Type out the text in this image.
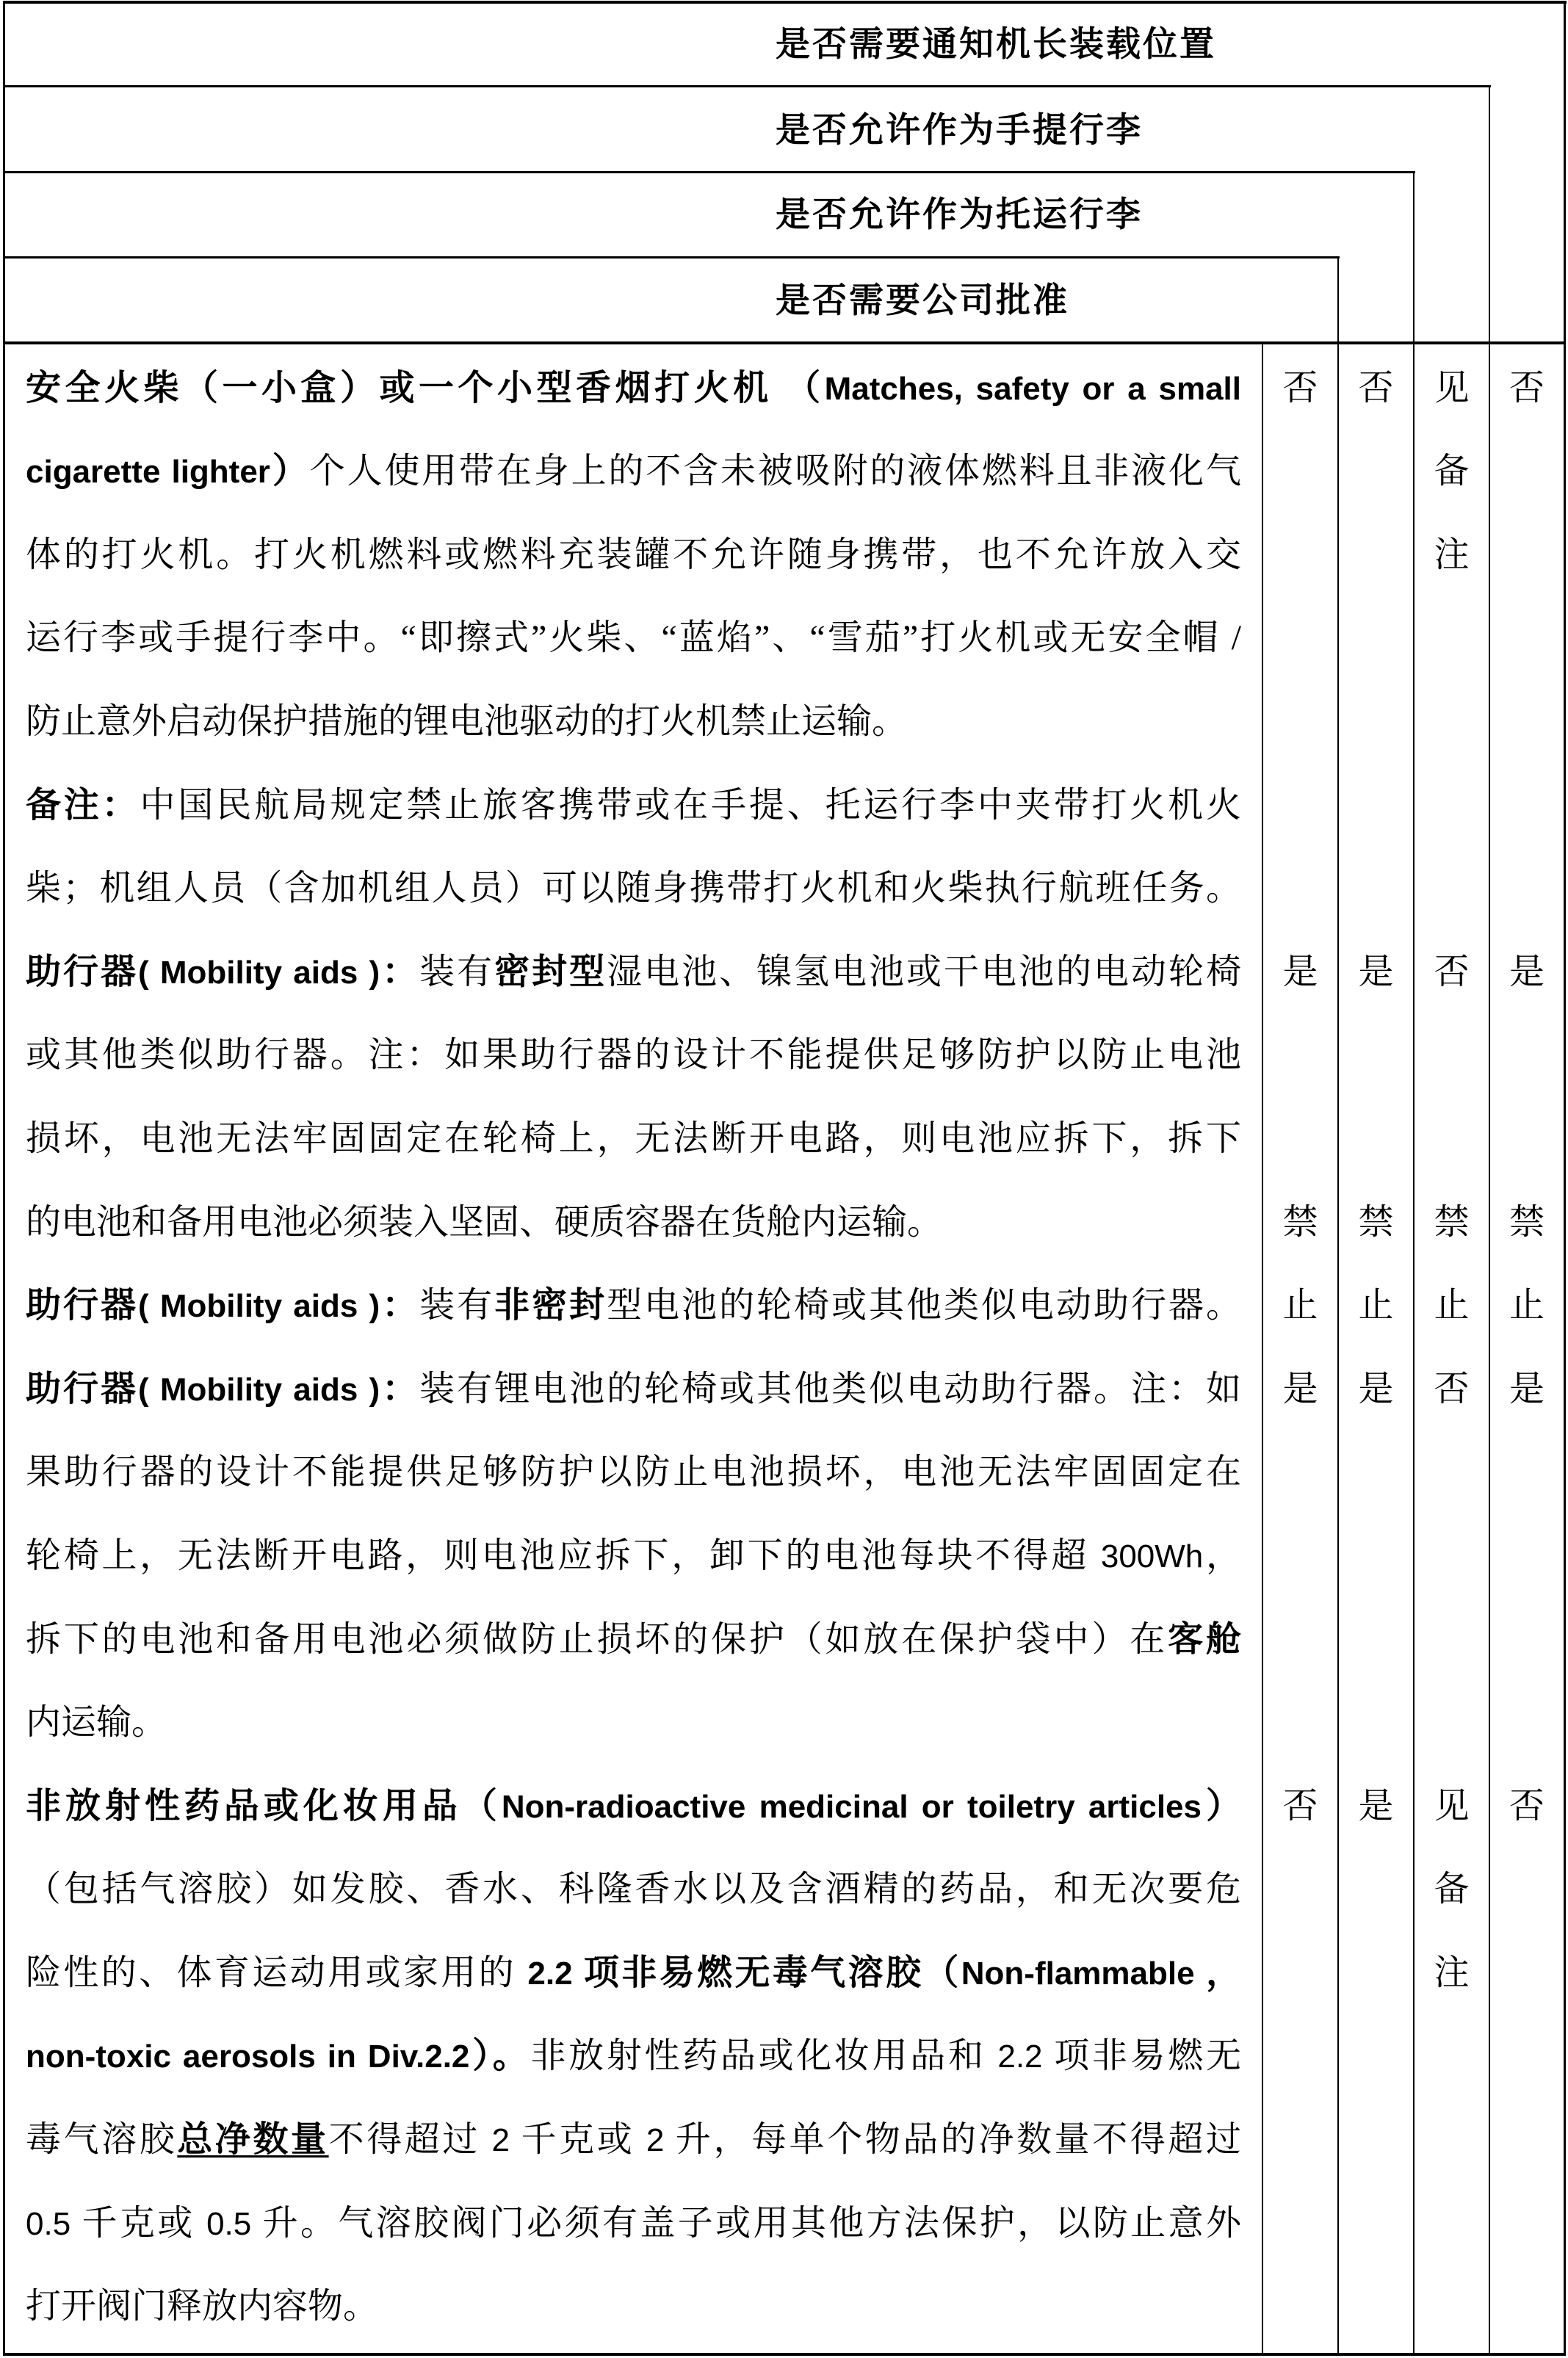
是否需要通知机长装载位置
是否允许作为手提行李
是否允许作为托运行李
是否需要公司批准
安全火柴（一小盒）或一个小型香烟打火机 （Matches, safety or a small
cigarette lighter）个人使用带在身上的不含未被吸附的液体燃料且非液化气
体的打火机。打火机燃料或燃料充装罐不允许随身携带，也不允许放入交
运行李或手提行李中。“即擦式”火柴、“蓝焰”、“雪茄”打火机或无安全帽 /
防止意外启动保护措施的锂电池驱动的打火机禁止运输。
备注：中国民航局规定禁止旅客携带或在手提、托运行李中夹带打火机火
柴；机组人员（含加机组人员）可以随身携带打火机和火柴执行航班任务。
助行器( Mobility aids )：装有密封型湿电池、镍氢电池或干电池的电动轮椅
或其他类似助行器。注：如果助行器的设计不能提供足够防护以防止电池
损坏，电池无法牢固固定在轮椅上，无法断开电路，则电池应拆下，拆下
的电池和备用电池必须装入坚固、硬质容器在货舱内运输。
助行器( Mobility aids )：装有非密封型电池的轮椅或其他类似电动助行器。
助行器( Mobility aids )：装有锂电池的轮椅或其他类似电动助行器。注：如
果助行器的设计不能提供足够防护以防止电池损坏，电池无法牢固固定在
轮椅上，无法断开电路，则电池应拆下，卸下的电池每块不得超 300Wh，
拆下的电池和备用电池必须做防止损坏的保护（如放在保护袋中）在客舱
内运输。
非放射性药品或化妆用品（Non-radioactive medicinal or toiletry articles）
（包括气溶胶）如发胶、香水、科隆香水以及含酒精的药品，和无次要危
险性的、体育运动用或家用的 2.2 项非易燃无毒气溶胶（Non-flammable ，
non-toxic aerosols in Div.2.2）。非放射性药品或化妆用品和 2.2 项非易燃无
毒气溶胶总净数量不得超过 2 千克或 2 升，每单个物品的净数量不得超过
0.5 千克或 0.5 升。气溶胶阀门必须有盖子或用其他方法保护，以防止意外
打开阀门释放内容物。
否
是
禁
止
是
否
否
是
禁
止
是
是
见
备
注
否
禁
止
否
见
备
注
否
是
禁
止
是
否
